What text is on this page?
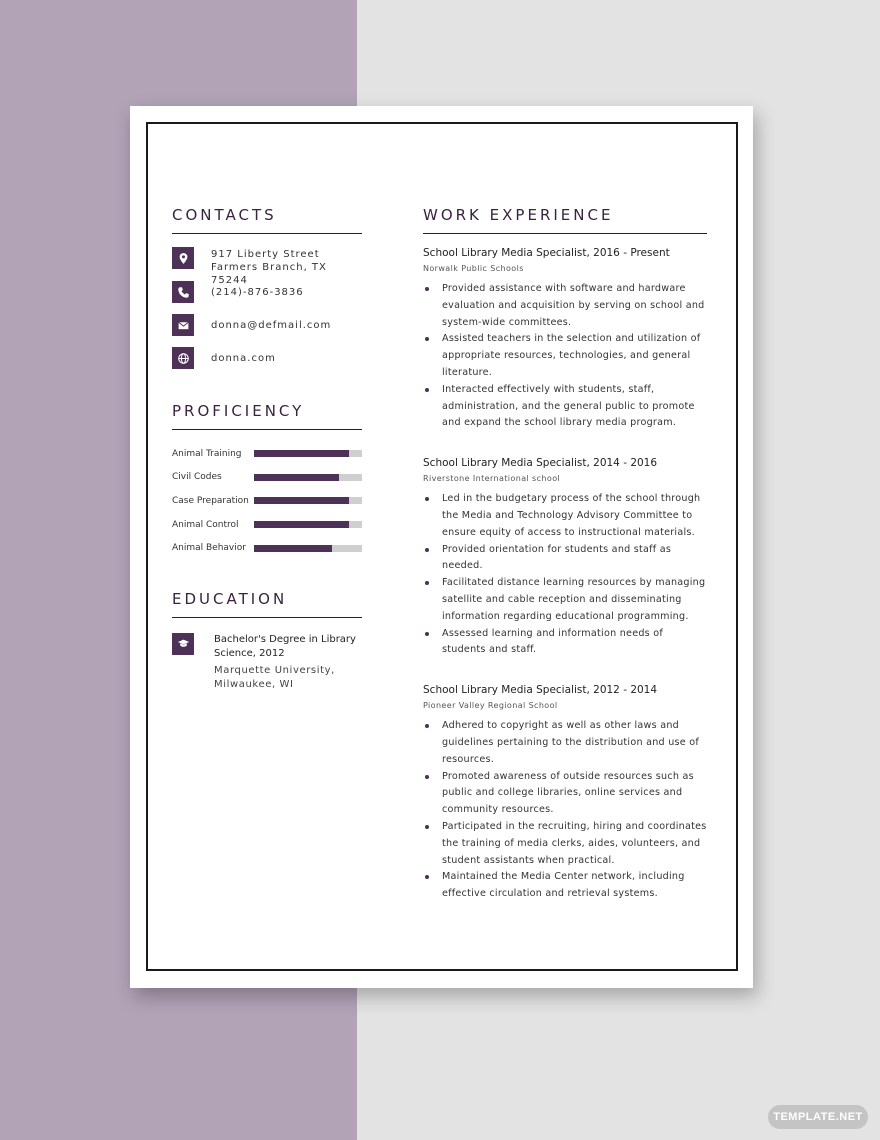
CONTACTS
917 Liberty Street
Farmers Branch, TX 75244
(214)-876-3836
donna@defmail.com
donna.com
PROFICIENCY
Animal Training
Civil Codes
Case Preparation
Animal Control
Animal Behavior
EDUCATION
Bachelor's Degree in Library Science, 2012
Marquette University, Milwaukee, WI
WORK EXPERIENCE
School Library Media Specialist, 2016 - Present
Norwalk Public Schools
Provided assistance with software and hardware evaluation and acquisition by serving on school and system-wide committees.
Assisted teachers in the selection and utilization of appropriate resources, technologies, and general literature.
Interacted effectively with students, staff, administration, and the general public to promote and expand the school library media program.
School Library Media Specialist, 2014 - 2016
Riverstone International school
Led in the budgetary process of the school through the Media and Technology Advisory Committee to ensure equity of access to instructional materials.
Provided orientation for students and staff as needed.
Facilitated distance learning resources by managing satellite and cable reception and disseminating information regarding educational programming.
Assessed learning and information needs of students and staff.
School Library Media Specialist, 2012 - 2014
Pioneer Valley Regional School
Adhered to copyright as well as other laws and guidelines pertaining to the distribution and use of resources.
Promoted awareness of outside resources such as public and college libraries, online services and community resources.
Participated in the recruiting, hiring and coordinates the training of media clerks, aides, volunteers, and student assistants when practical.
Maintained the Media Center network, including effective circulation and retrieval systems.
TEMPLATE.NET
